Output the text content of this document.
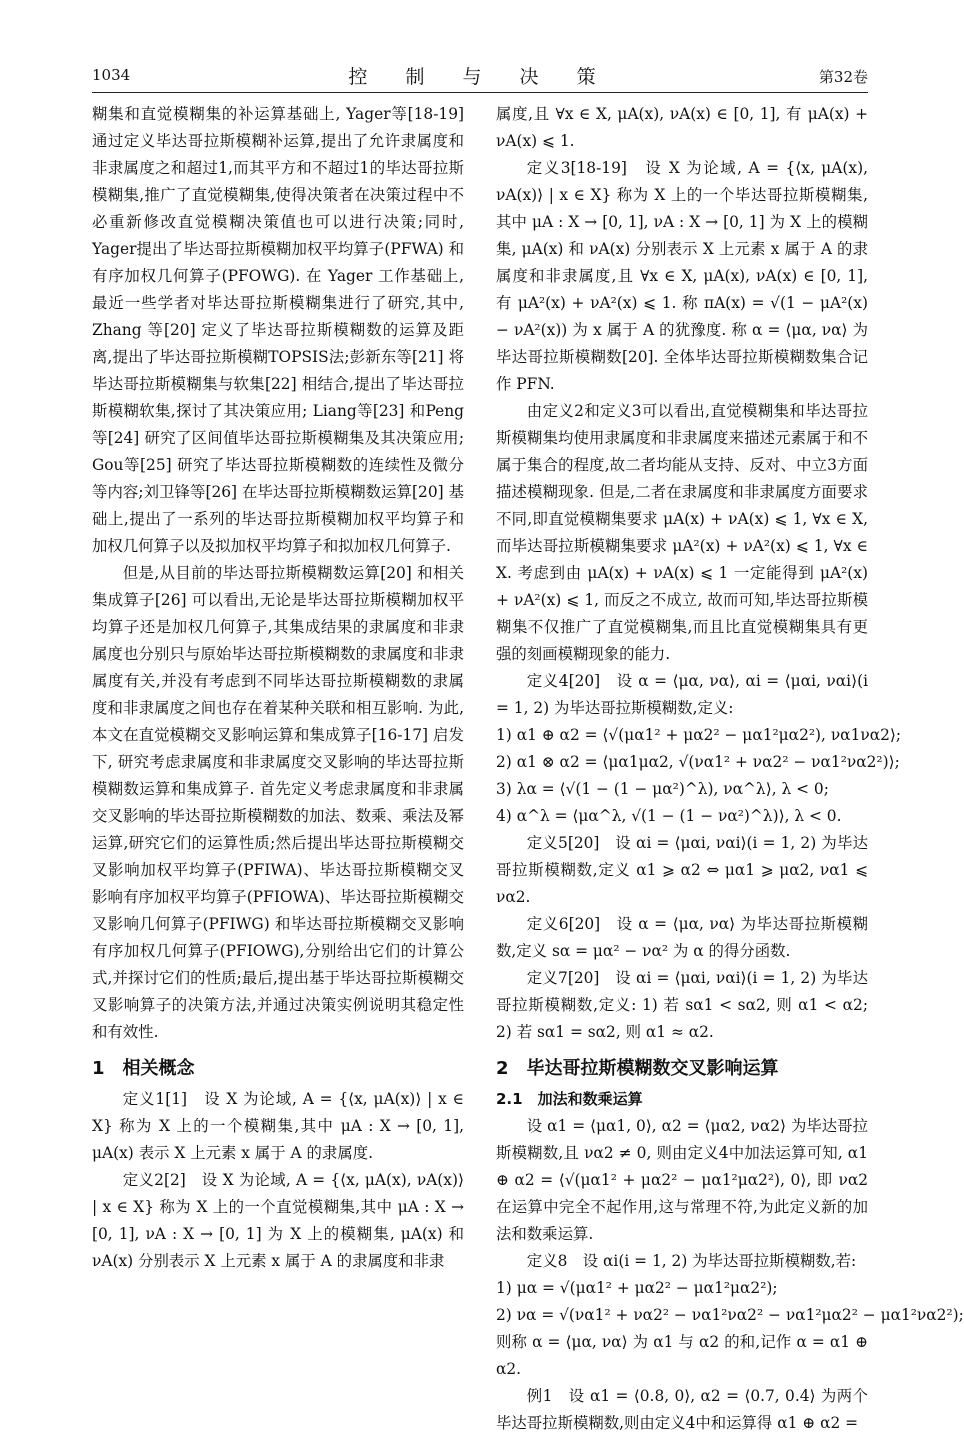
1034	控 制 与 决 策	第32卷

糊集和直觉模糊集的补运算基础上, Yager等[18-19]通过定义毕达哥拉斯模糊补运算,提出了允许隶属度和非隶属度之和超过1,而其平方和不超过1的毕达哥拉斯模糊集,推广了直觉模糊集,使得决策者在决策过程中不必重新修改直觉模糊决策值也可以进行决策;同时, Yager提出了毕达哥拉斯模糊加权平均算子(PFWA) 和有序加权几何算子(PFOWG). 在 Yager 工作基础上,最近一些学者对毕达哥拉斯模糊集进行了研究,其中, Zhang 等[20] 定义了毕达哥拉斯模糊数的运算及距离,提出了毕达哥拉斯模糊TOPSIS法;彭新东等[21] 将毕达哥拉斯模糊集与软集[22] 相结合,提出了毕达哥拉斯模糊软集,探讨了其决策应用; Liang等[23] 和Peng等[24] 研究了区间值毕达哥拉斯模糊集及其决策应用; Gou等[25] 研究了毕达哥拉斯模糊数的连续性及微分等内容;刘卫锋等[26] 在毕达哥拉斯模糊数运算[20] 基础上,提出了一系列的毕达哥拉斯模糊加权平均算子和加权几何算子以及拟加权平均算子和拟加权几何算子.

但是,从目前的毕达哥拉斯模糊数运算[20] 和相关集成算子[26] 可以看出,无论是毕达哥拉斯模糊加权平均算子还是加权几何算子,其集成结果的隶属度和非隶属度也分别只与原始毕达哥拉斯模糊数的隶属度和非隶属度有关,并没有考虑到不同毕达哥拉斯模糊数的隶属度和非隶属度之间也存在着某种关联和相互影响. 为此,本文在直觉模糊交叉影响运算和集成算子[16-17] 启发下, 研究考虑隶属度和非隶属度交叉影响的毕达哥拉斯模糊数运算和集成算子. 首先定义考虑隶属度和非隶属交叉影响的毕达哥拉斯模糊数的加法、数乘、乘法及幂运算,研究它们的运算性质;然后提出毕达哥拉斯模糊交叉影响加权平均算子(PFIWA)、毕达哥拉斯模糊交叉影响有序加权平均算子(PFIOWA)、毕达哥拉斯模糊交叉影响几何算子(PFIWG) 和毕达哥拉斯模糊交叉影响有序加权几何算子(PFIOWG),分别给出它们的计算公式,并探讨它们的性质;最后,提出基于毕达哥拉斯模糊交叉影响算子的决策方法,并通过决策实例说明其稳定性和有效性.

1　相关概念

定义1[1]　设 X 为论域, A = {⟨x, μA(x)⟩ | x ∈ X} 称为 X 上的一个模糊集,其中 μA : X → [0, 1], μA(x) 表示 X 上元素 x 属于 A 的隶属度.

定义2[2]　设 X 为论域, A = {⟨x, μA(x), νA(x)⟩ | x ∈ X} 称为 X 上的一个直觉模糊集,其中 μA : X → [0, 1], νA : X → [0, 1] 为 X 上的模糊集, μA(x) 和 νA(x) 分别表示 X 上元素 x 属于 A 的隶属度和非隶

属度,且 ∀x ∈ X, μA(x), νA(x) ∈ [0, 1], 有 μA(x) + νA(x) ⩽ 1.

定义3[18-19]　设 X 为论域, A = {⟨x, μA(x), νA(x)⟩ | x ∈ X} 称为 X 上的一个毕达哥拉斯模糊集,其中 μA : X → [0, 1], νA : X → [0, 1] 为 X 上的模糊集, μA(x) 和 νA(x) 分别表示 X 上元素 x 属于 A 的隶属度和非隶属度,且 ∀x ∈ X, μA(x), νA(x) ∈ [0, 1], 有 μA²(x) + νA²(x) ⩽ 1. 称 πA(x) = √(1 − μA²(x) − νA²(x)) 为 x 属于 A 的犹豫度. 称 α = ⟨μα, να⟩ 为毕达哥拉斯模糊数[20]. 全体毕达哥拉斯模糊数集合记作 PFN.

由定义2和定义3可以看出,直觉模糊集和毕达哥拉斯模糊集均使用隶属度和非隶属度来描述元素属于和不属于集合的程度,故二者均能从支持、反对、中立3方面描述模糊现象. 但是,二者在隶属度和非隶属度方面要求不同,即直觉模糊集要求 μA(x) + νA(x) ⩽ 1, ∀x ∈ X, 而毕达哥拉斯模糊集要求 μA²(x) + νA²(x) ⩽ 1, ∀x ∈ X. 考虑到由 μA(x) + νA(x) ⩽ 1 一定能得到 μA²(x) + νA²(x) ⩽ 1, 而反之不成立, 故而可知,毕达哥拉斯模糊集不仅推广了直觉模糊集,而且比直觉模糊集具有更强的刻画模糊现象的能力.

定义4[20]　设 α = ⟨μα, να⟩, αi = ⟨μαi, ναi⟩(i = 1, 2) 为毕达哥拉斯模糊数,定义:

1) α1 ⊕ α2 = ⟨√(μα1² + μα2² − μα1²μα2²), να1να2⟩;
2) α1 ⊗ α2 = ⟨μα1μα2, √(να1² + να2² − να1²να2²)⟩;
3) λα = ⟨√(1 − (1 − μα²)^λ), να^λ⟩, λ < 0;
4) α^λ = ⟨μα^λ, √(1 − (1 − να²)^λ)⟩, λ < 0.

定义5[20]　设 αi = ⟨μαi, ναi⟩(i = 1, 2) 为毕达哥拉斯模糊数,定义 α1 ⩾ α2 ⇔ μα1 ⩾ μα2, να1 ⩽ να2.

定义6[20]　设 α = ⟨μα, να⟩ 为毕达哥拉斯模糊数,定义 sα = μα² − να² 为 α 的得分函数.

定义7[20]　设 αi = ⟨μαi, ναi⟩(i = 1, 2) 为毕达哥拉斯模糊数,定义: 1) 若 sα1 < sα2, 则 α1 < α2; 2) 若 sα1 = sα2, 则 α1 ≈ α2.

2　毕达哥拉斯模糊数交叉影响运算
2.1　加法和数乘运算

设 α1 = ⟨μα1, 0⟩, α2 = ⟨μα2, να2⟩ 为毕达哥拉斯模糊数,且 να2 ≠ 0, 则由定义4中加法运算可知, α1 ⊕ α2 = ⟨√(μα1² + μα2² − μα1²μα2²), 0⟩, 即 να2 在运算中完全不起作用,这与常理不符,为此定义新的加法和数乘运算.

定义8　设 αi(i = 1, 2) 为毕达哥拉斯模糊数,若:

1) μα = √(μα1² + μα2² − μα1²μα2²);
2) να = √(να1² + να2² − να1²να2² − να1²μα2² − μα1²να2²);

则称 α = ⟨μα, να⟩ 为 α1 与 α2 的和,记作 α = α1 ⊕ α2.

例1　设 α1 = ⟨0.8, 0⟩, α2 = ⟨0.7, 0.4⟩ 为两个毕达哥拉斯模糊数,则由定义4中和运算得 α1 ⊕ α2 =
